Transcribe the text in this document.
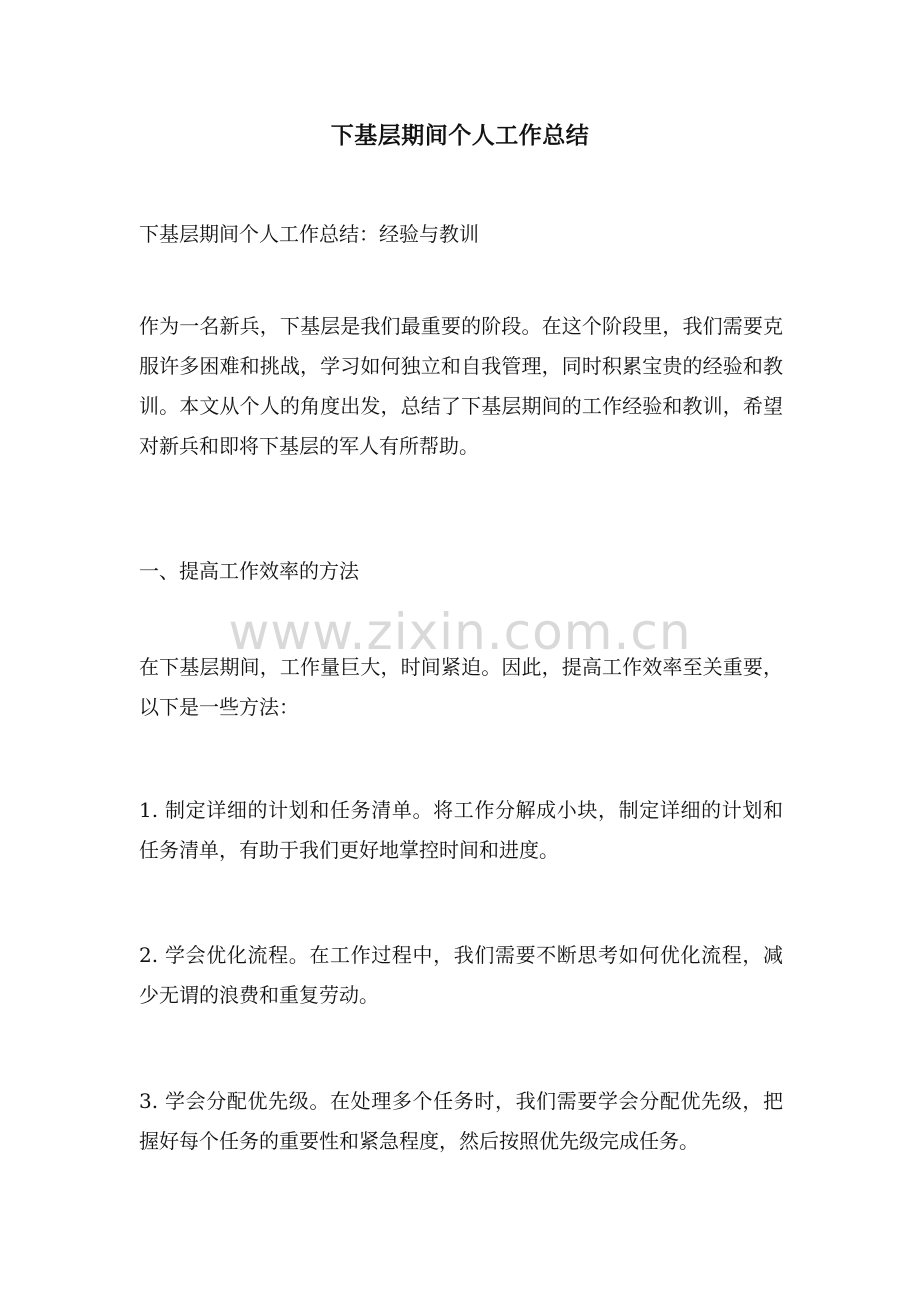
下基层期间个人工作总结

下基层期间个人工作总结：经验与教训

作为一名新兵，下基层是我们最重要的阶段。在这个阶段里，我们需要克服许多困难和挑战，学习如何独立和自我管理，同时积累宝贵的经验和教训。本文从个人的角度出发，总结了下基层期间的工作经验和教训，希望对新兵和即将下基层的军人有所帮助。

一、提高工作效率的方法

在下基层期间，工作量巨大，时间紧迫。因此，提高工作效率至关重要，以下是一些方法：

1. 制定详细的计划和任务清单。将工作分解成小块，制定详细的计划和任务清单，有助于我们更好地掌控时间和进度。

2. 学会优化流程。在工作过程中，我们需要不断思考如何优化流程，减少无谓的浪费和重复劳动。

3. 学会分配优先级。在处理多个任务时，我们需要学会分配优先级，把握好每个任务的重要性和紧急程度，然后按照优先级完成任务。

www.zixin.com.cn
